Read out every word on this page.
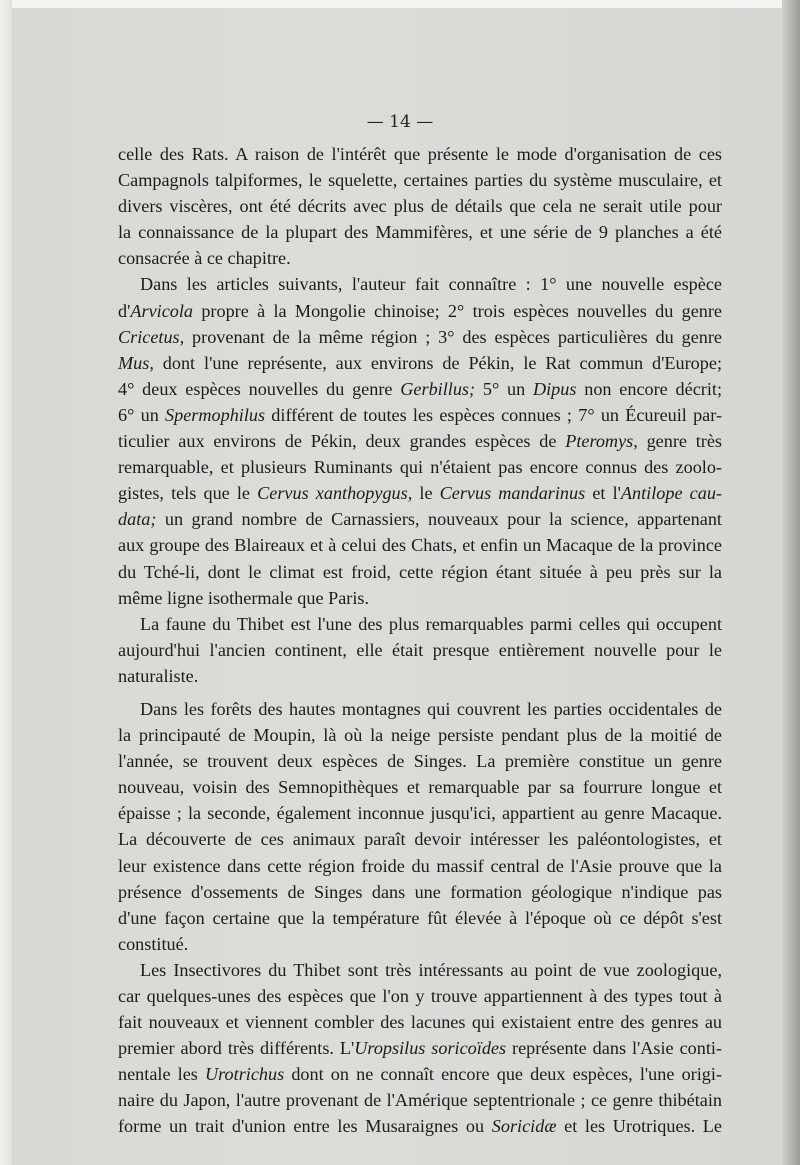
— 14 —
celle des Rats. A raison de l'intérêt que présente le mode d'organisation de ces
Campagnols talpiformes, le squelette, certaines parties du système musculaire, et
divers viscères, ont été décrits avec plus de détails que cela ne serait utile pour
la connaissance de la plupart des Mammifères, et une série de 9 planches a été
consacrée à ce chapitre.
Dans les articles suivants, l'auteur fait connaître : 1° une nouvelle espèce
d'Arvicola propre à la Mongolie chinoise; 2° trois espèces nouvelles du genre
Cricetus, provenant de la même région ; 3° des espèces particulières du genre
Mus, dont l'une représente, aux environs de Pékin, le Rat commun d'Europe;
4° deux espèces nouvelles du genre Gerbillus; 5° un Dipus non encore décrit;
6° un Spermophilus différent de toutes les espèces connues ; 7° un Écureuil par-
ticulier aux environs de Pékin, deux grandes espèces de Pteromys, genre très
remarquable, et plusieurs Ruminants qui n'étaient pas encore connus des zoolo-
gistes, tels que le Cervus xanthopygus, le Cervus mandarinus et l'Antilope cau-
data; un grand nombre de Carnassiers, nouveaux pour la science, appartenant
aux groupe des Blaireaux et à celui des Chats, et enfin un Macaque de la province
du Tché-li, dont le climat est froid, cette région étant située à peu près sur la
même ligne isothermale que Paris.
La faune du Thibet est l'une des plus remarquables parmi celles qui occupent
aujourd'hui l'ancien continent, elle était presque entièrement nouvelle pour le
naturaliste.
Dans les forêts des hautes montagnes qui couvrent les parties occidentales de
la principauté de Moupin, là où la neige persiste pendant plus de la moitié de
l'année, se trouvent deux espèces de Singes. La première constitue un genre
nouveau, voisin des Semnopithèques et remarquable par sa fourrure longue et
épaisse ; la seconde, également inconnue jusqu'ici, appartient au genre Macaque.
La découverte de ces animaux paraît devoir intéresser les paléontologistes, et
leur existence dans cette région froide du massif central de l'Asie prouve que la
présence d'ossements de Singes dans une formation géologique n'indique pas
d'une façon certaine que la température fût élevée à l'époque où ce dépôt s'est
constitué.
Les Insectivores du Thibet sont très intéressants au point de vue zoologique,
car quelques-unes des espèces que l'on y trouve appartiennent à des types tout à
fait nouveaux et viennent combler des lacunes qui existaient entre des genres au
premier abord très différents. L'Uropsilus soricoïdes représente dans l'Asie conti-
nentale les Urotrichus dont on ne connaît encore que deux espèces, l'une origi-
naire du Japon, l'autre provenant de l'Amérique septentrionale ; ce genre thibétain
forme un trait d'union entre les Musaraignes ou Soricidæ et les Urotriques. Le
